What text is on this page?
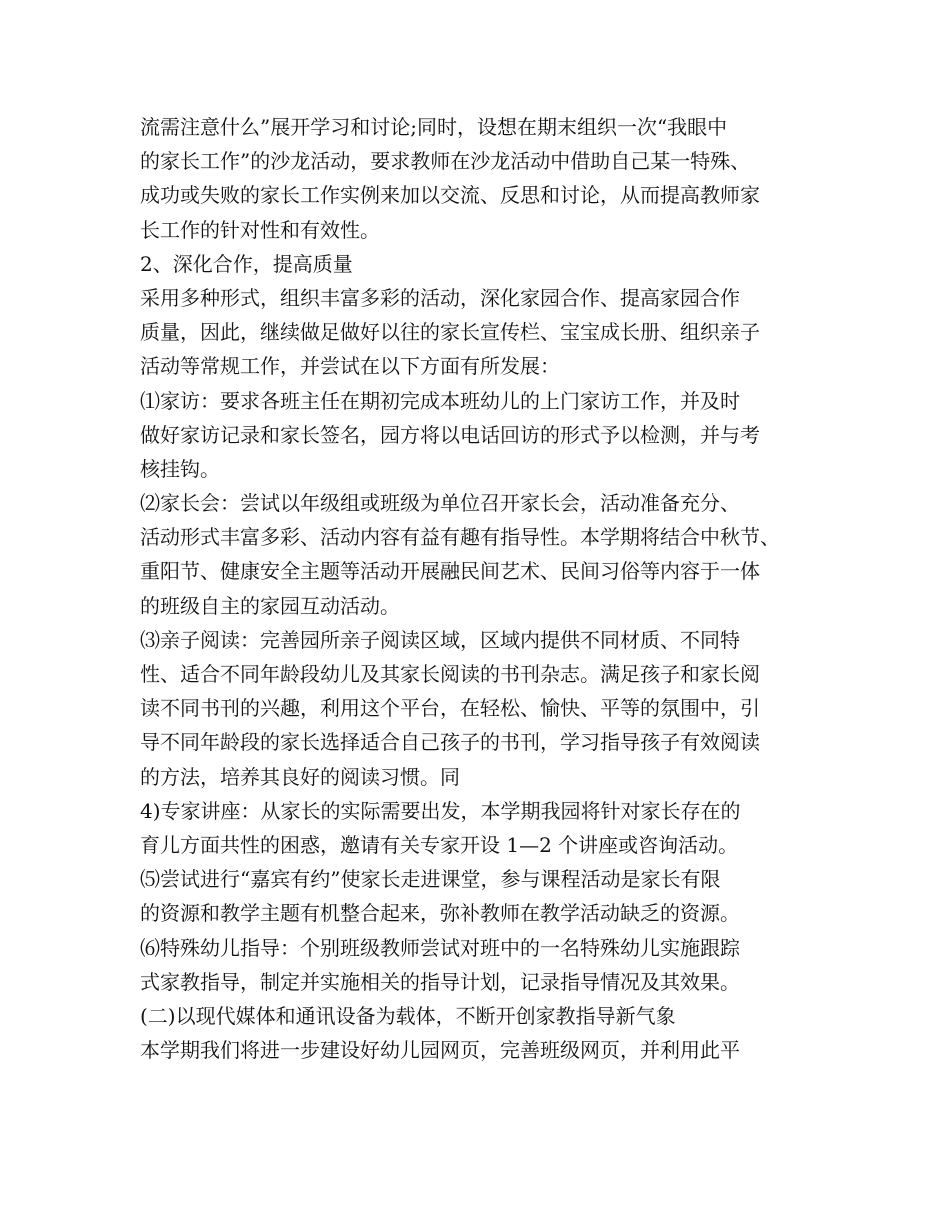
流需注意什么”展开学习和讨论;同时，设想在期末组织一次“我眼中
的家长工作”的沙龙活动，要求教师在沙龙活动中借助自己某一特殊、
成功或失败的家长工作实例来加以交流、反思和讨论，从而提高教师家
长工作的针对性和有效性。
2、深化合作，提高质量
采用多种形式，组织丰富多彩的活动，深化家园合作、提高家园合作
质量，因此，继续做足做好以往的家长宣传栏、宝宝成长册、组织亲子
活动等常规工作，并尝试在以下方面有所发展：
⑴家访：要求各班主任在期初完成本班幼儿的上门家访工作，并及时
做好家访记录和家长签名，园方将以电话回访的形式予以检测，并与考
核挂钩。
⑵家长会：尝试以年级组或班级为单位召开家长会，活动准备充分、
活动形式丰富多彩、活动内容有益有趣有指导性。本学期将结合中秋节、
重阳节、健康安全主题等活动开展融民间艺术、民间习俗等内容于一体
的班级自主的家园互动活动。
⑶亲子阅读：完善园所亲子阅读区域，区域内提供不同材质、不同特
性、适合不同年龄段幼儿及其家长阅读的书刊杂志。满足孩子和家长阅
读不同书刊的兴趣，利用这个平台，在轻松、愉快、平等的氛围中，引
导不同年龄段的家长选择适合自己孩子的书刊，学习指导孩子有效阅读
的方法，培养其良好的阅读习惯。同
4)专家讲座：从家长的实际需要出发，本学期我园将针对家长存在的
育儿方面共性的困惑，邀请有关专家开设 1—2 个讲座或咨询活动。
⑸尝试进行“嘉宾有约”使家长走进课堂，参与课程活动是家长有限
的资源和教学主题有机整合起来，弥补教师在教学活动缺乏的资源。
⑹特殊幼儿指导：个别班级教师尝试对班中的一名特殊幼儿实施跟踪
式家教指导，制定并实施相关的指导计划，记录指导情况及其效果。
(二)以现代媒体和通讯设备为载体，不断开创家教指导新气象
本学期我们将进一步建设好幼儿园网页，完善班级网页，并利用此平
